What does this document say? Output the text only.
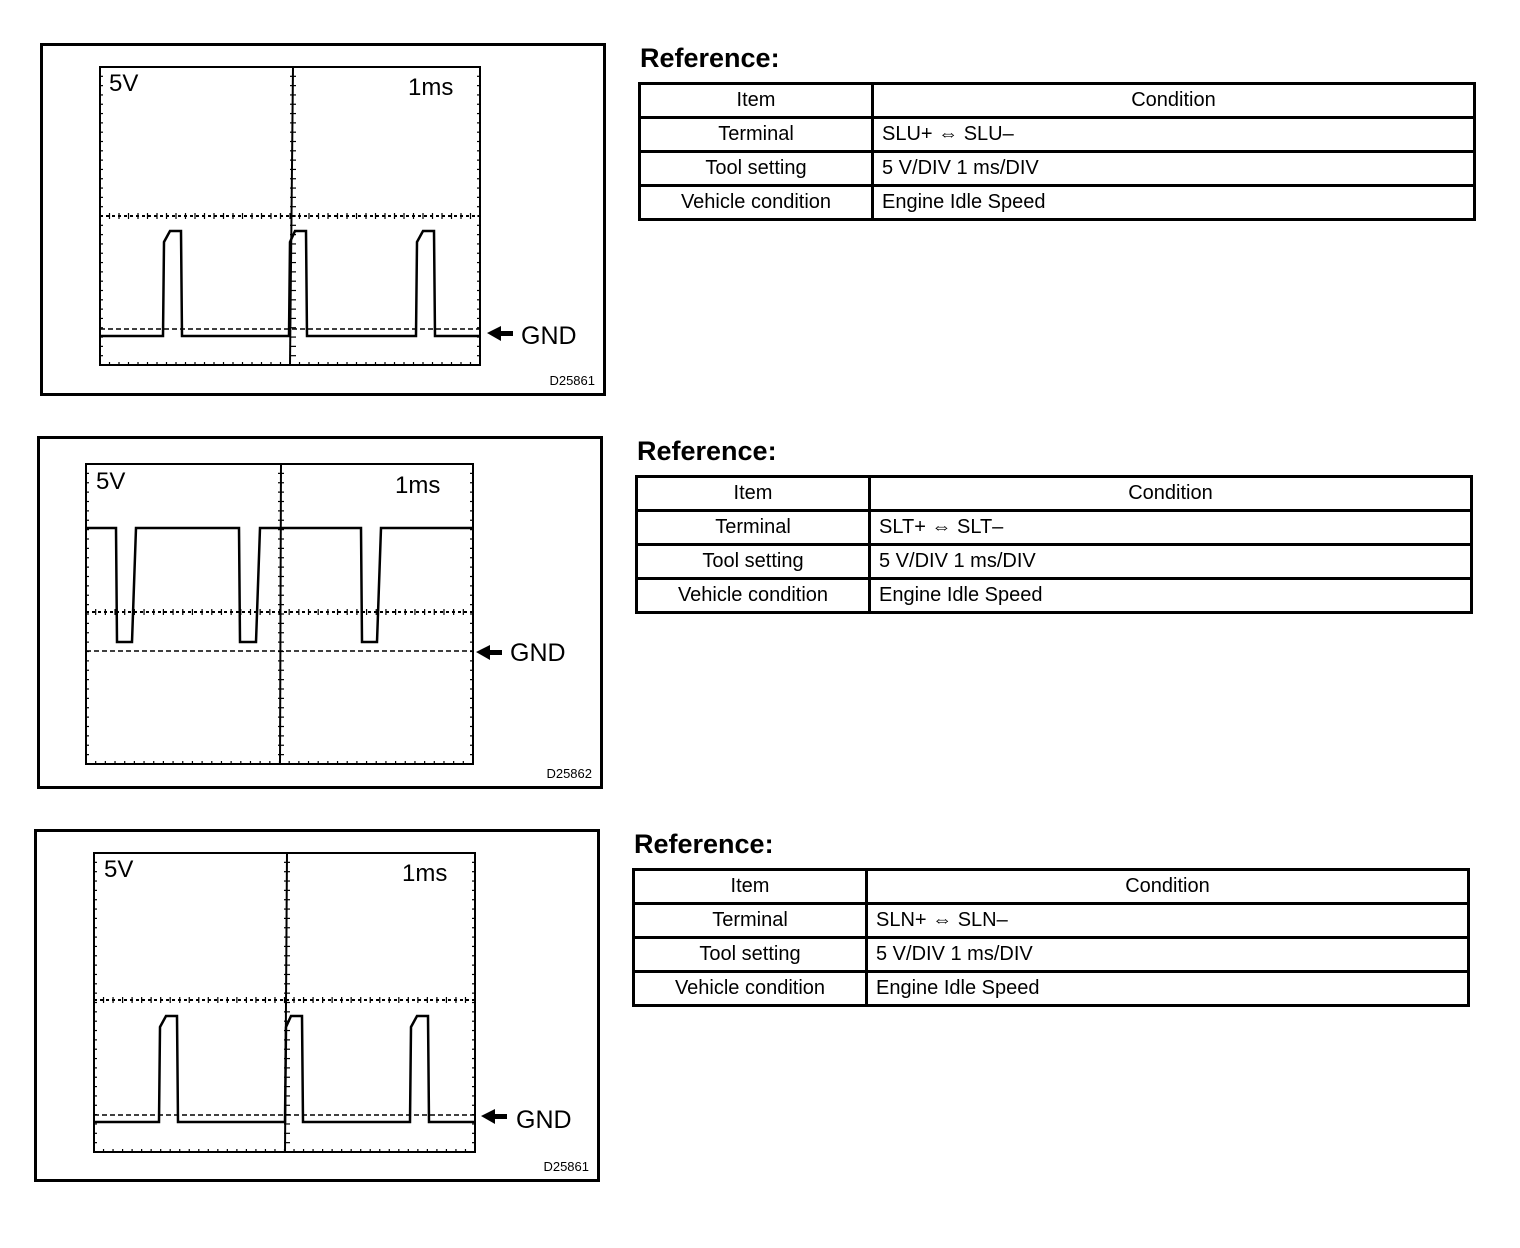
5V	1ms
GND
D25861
Reference:
Item	Condition
Terminal	SLU+ ⇔ SLU–
Tool setting	5 V/DIV 1 ms/DIV
Vehicle condition	Engine Idle Speed
5V	1ms
GND
D25862
Reference:
Item	Condition
Terminal	SLT+ ⇔ SLT–
Tool setting	5 V/DIV 1 ms/DIV
Vehicle condition	Engine Idle Speed
5V	1ms
GND
D25861
Reference:
Item	Condition
Terminal	SLN+ ⇔ SLN–
Tool setting	5 V/DIV 1 ms/DIV
Vehicle condition	Engine Idle Speed
